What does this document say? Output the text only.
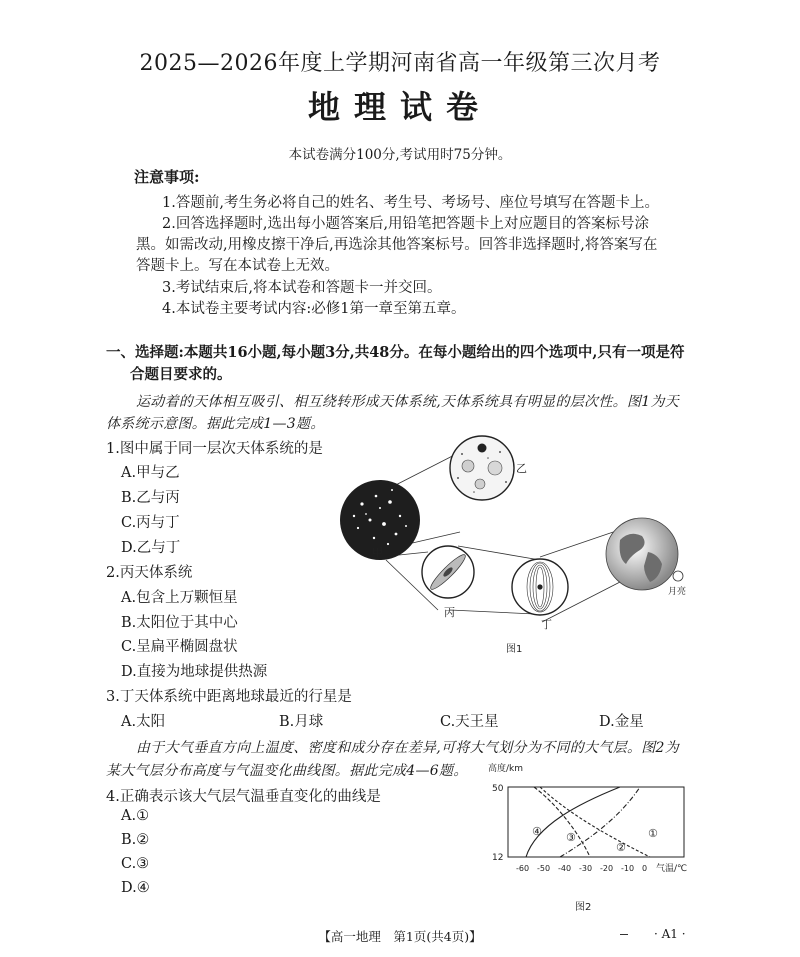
2025—2026年度上学期河南省高一年级第三次月考
地理试卷
本试卷满分100分,考试用时75分钟。
注意事项:
1.答题前,考生务必将自己的姓名、考生号、考场号、座位号填写在答题卡上。
2.回答选择题时,选出每小题答案后,用铅笔把答题卡上对应题目的答案标号涂
黑。如需改动,用橡皮擦干净后,再选涂其他答案标号。回答非选择题时,将答案写在
答题卡上。写在本试卷上无效。
3.考试结束后,将本试卷和答题卡一并交回。
4.本试卷主要考试内容:必修1第一章至第五章。
一、选择题:本题共16小题,每小题3分,共48分。在每小题给出的四个选项中,只有一项是符
合题目要求的。
运动着的天体相互吸引、相互绕转形成天体系统,天体系统具有明显的层次性。图1为天
体系统示意图。据此完成1—3题。
1.图中属于同一层次天体系统的是
A.甲与乙
B.乙与丙
C.丙与丁
D.乙与丁
2.丙天体系统
A.包含上万颗恒星
B.太阳位于其中心
C.呈扁平椭圆盘状
D.直接为地球提供热源
3.丁天体系统中距离地球最近的行星是
A.太阳	B.月球	C.天王星	D.金星
由于大气垂直方向上温度、密度和成分存在差异,可将大气划分为不同的大气层。图2为
某大气层分布高度与气温变化曲线图。据此完成4—6题。
4.正确表示该大气层气温垂直变化的曲线是
A.①
B.②
C.③
D.④
甲
乙
丙
丁
月亮
图1
高度/km
50
12
-60 -50 -40 -30 -20 -10 0 气温/℃
④ ③
②
①
图2
【高一地理　第1页(共4页)】	· A1 ·
